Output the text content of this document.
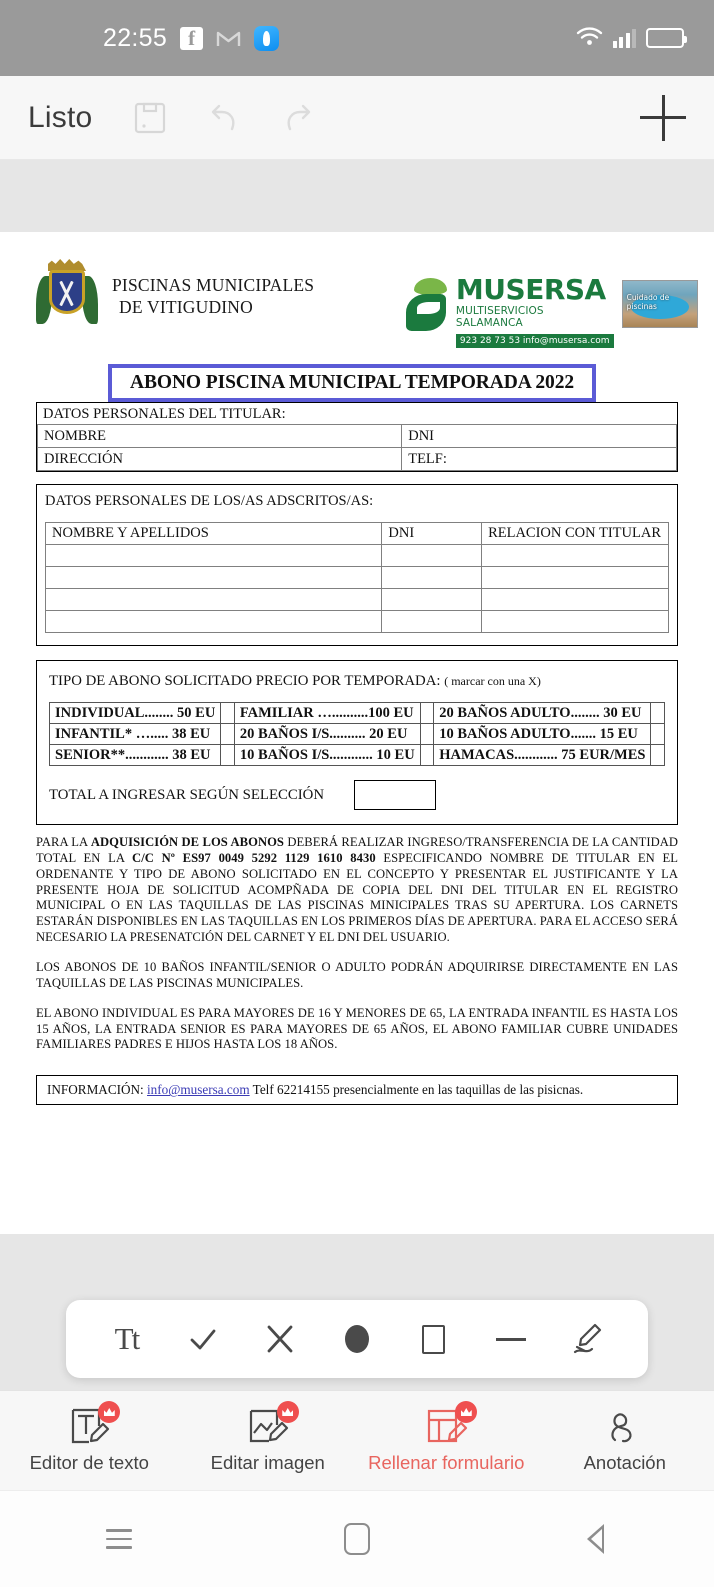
22:55
f
Listo
PISCINAS MUNICIPALES
DE VITIGUDINO
MUSERSA
MULTISERVICIOS SALAMANCA
923 28 73 53 info@musersa.com
Cuidado de piscinas
ABONO PISCINA MUNICIPAL TEMPORADA 2022
DATOS PERSONALES DEL TITULAR:
NOMBRE	DNI
DIRECCIÓN	TELF:
DATOS PERSONALES DE LOS/AS ADSCRITOS/AS:
NOMBRE Y APELLIDOS	DNI	RELACION CON TITULAR

TIPO DE ABONO SOLICITADO PRECIO POR TEMPORADA: ( marcar con una X)
INDIVIDUAL........ 50 EU		FAMILIAR …..........100 EU		20 BAÑOS ADULTO........ 30 EU	
INFANTIL* …..... 38 EU		20 BAÑOS I/S.......... 20 EU		10 BAÑOS ADULTO....... 15 EU	
SENIOR**............ 38 EU		10 BAÑOS I/S............ 10 EU		HAMACAS............ 75 EUR/MES	
TOTAL A INGRESAR SEGÚN SELECCIÓN
PARA LA ADQUISICIÓN DE LOS ABONOS DEBERÁ REALIZAR INGRESO/TRANSFERENCIA DE LA CANTIDAD TOTAL EN LA C/C Nº ES97 0049 5292 1129 1610 8430 ESPECIFICANDO NOMBRE DE TITULAR EN EL ORDENANTE Y TIPO DE ABONO SOLICITADO EN EL CONCEPTO Y PRESENTAR EL JUSTIFICANTE Y LA PRESENTE HOJA DE SOLICITUD ACOMPÑADA DE COPIA DEL DNI DEL TITULAR EN EL REGISTRO MUNICIPAL O EN LAS TAQUILLAS DE LAS PISCINAS MINICIPALES TRAS SU APERTURA. LOS CARNETS ESTARÁN DISPONIBLES EN LAS TAQUILLAS EN LOS PRIMEROS DÍAS DE APERTURA. PARA EL ACCESO SERÁ NECESARIO LA PRESENATCIÓN DEL CARNET Y EL DNI DEL USUARIO.
LOS ABONOS DE 10 BAÑOS INFANTIL/SENIOR O ADULTO PODRÁN ADQUIRIRSE DIRECTAMENTE EN LAS TAQUILLAS DE LAS PISCINAS MUNICIPALES.
EL ABONO INDIVIDUAL ES PARA MAYORES DE 16 Y MENORES DE 65, LA ENTRADA INFANTIL ES HASTA LOS 15 AÑOS, LA ENTRADA SENIOR ES PARA MAYORES DE 65 AÑOS, EL ABONO FAMILIAR CUBRE UNIDADES FAMILIARES PADRES E HIJOS HASTA LOS 18 AÑOS.
INFORMACIÓN: info@musersa.com Telf 62214155 presencialmente en las taquillas de las pisicnas.
Tt
Editor de texto	Editar imagen Rellenar formulario	Anotación
